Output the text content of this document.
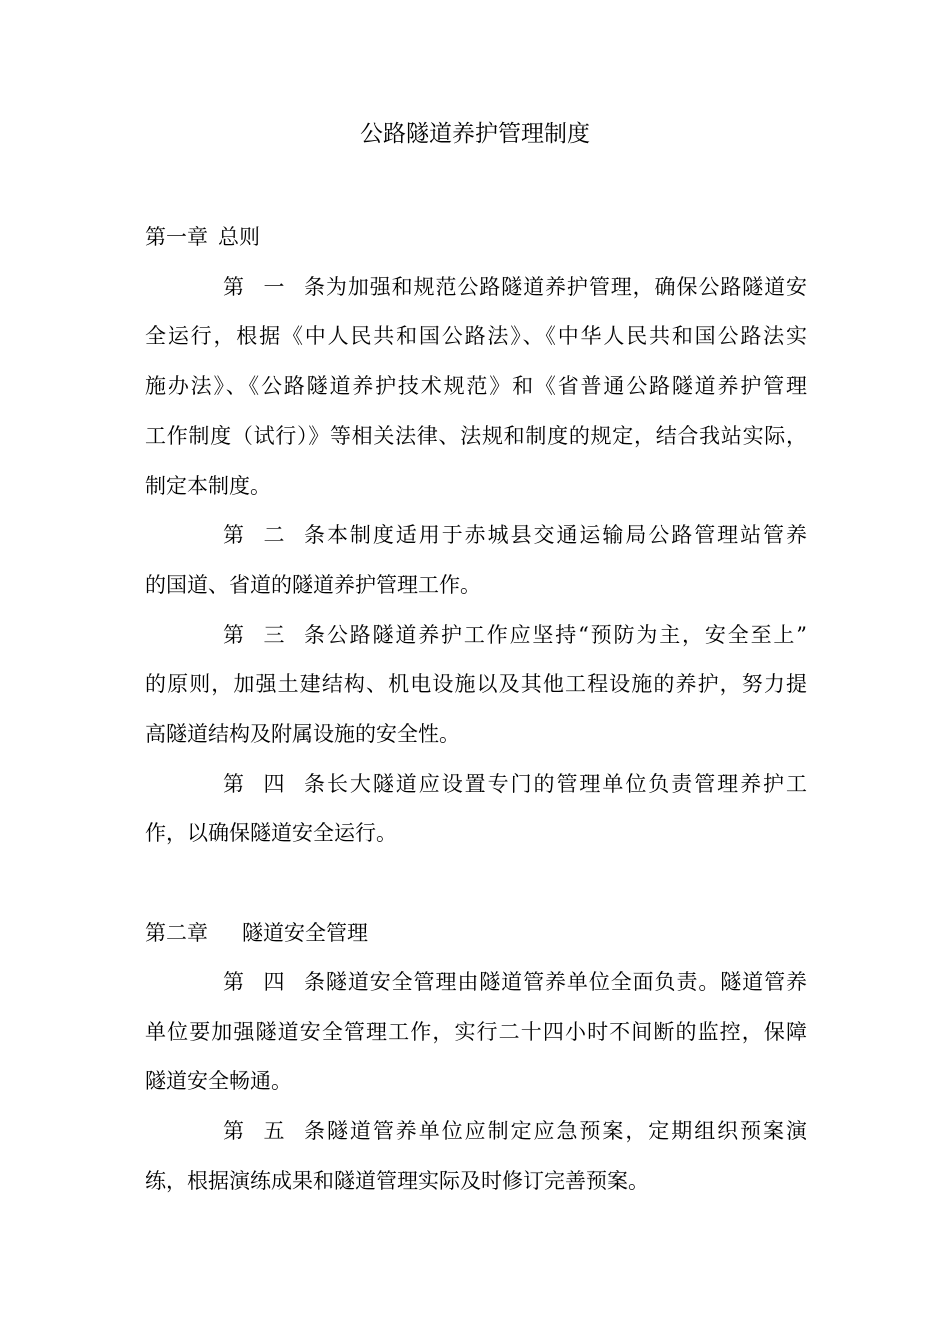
公路隧道养护管理制度
第一章 总则
第一条为加强和规范公路隧道养护管理，确保公路隧道安
全运行，根据《中人民共和国公路法》、《中华人民共和国公路法实
施办法》、《公路隧道养护技术规范》和《省普通公路隧道养护管理
工作制度（试行）》等相关法律、法规和制度的规定，结合我站实际，
制定本制度。
第二条本制度适用于赤城县交通运输局公路管理站管养
的国道、省道的隧道养护管理工作。
第三条公路隧道养护工作应坚持“预防为主，安全至上”
的原则，加强土建结构、机电设施以及其他工程设施的养护，努力提
高隧道结构及附属设施的安全性。
第四条长大隧道应设置专门的管理单位负责管理养护工
作，以确保隧道安全运行。
第二章 隧道安全管理
第四条隧道安全管理由隧道管养单位全面负责。隧道管养
单位要加强隧道安全管理工作，实行二十四小时不间断的监控，保障
隧道安全畅通。
第五条隧道管养单位应制定应急预案，定期组织预案演
练，根据演练成果和隧道管理实际及时修订完善预案。
